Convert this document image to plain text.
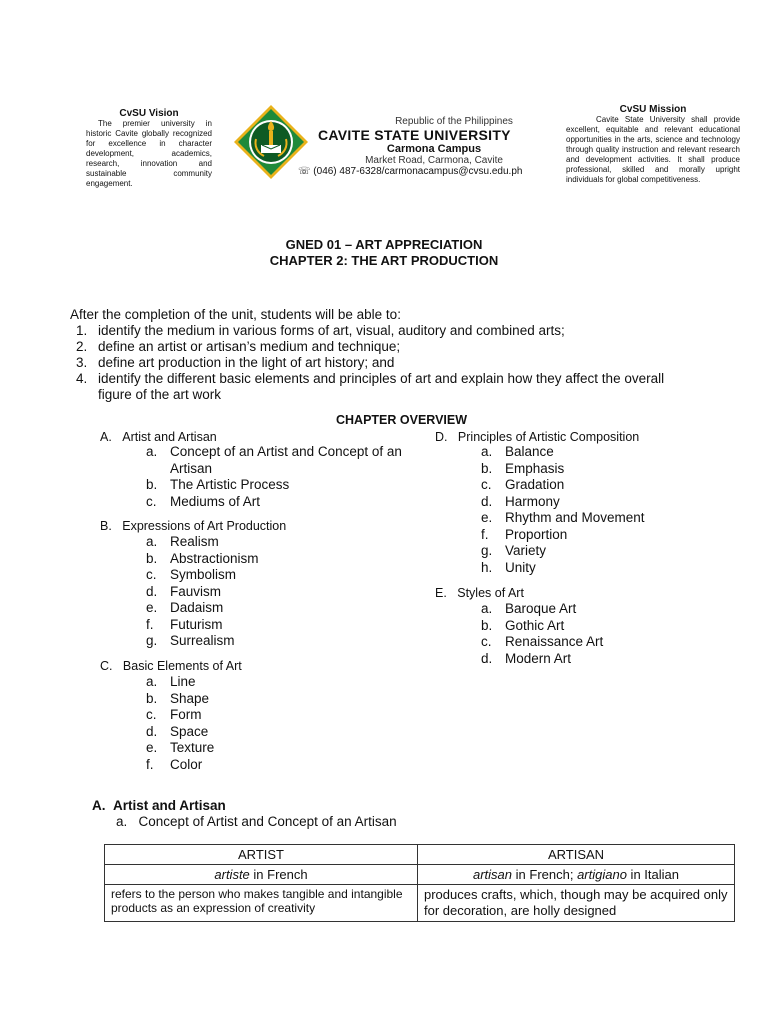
CvSU Vision
The premier university in historic Cavite globally recognized for excellence in character development, academics, research, innovation and sustainable community engagement.
Republic of the Philippines
CAVITE STATE UNIVERSITY
Carmona Campus
Market Road, Carmona, Cavite
☏ (046) 487-6328/carmonacampus@cvsu.edu.ph
CvSU Mission
Cavite State University shall provide excellent, equitable and relevant educational opportunities in the arts, science and technology through quality instruction and relevant research and development activities. It shall produce professional, skilled and morally upright individuals for global competitiveness.
GNED 01 – ART APPRECIATION
CHAPTER 2: THE ART PRODUCTION
After the completion of the unit, students will be able to:
1. identify the medium in various forms of art, visual, auditory and combined arts;
2. define an artist or artisan’s medium and technique;
3. define art production in the light of art history; and
4. identify the different basic elements and principles of art and explain how they affect the overall figure of the art work
CHAPTER OVERVIEW
A. Artist and Artisan
a. Concept of an Artist and Concept of an Artisan
b. The Artistic Process
c. Mediums of Art
B. Expressions of Art Production
a. Realism
b. Abstractionism
c. Symbolism
d. Fauvism
e. Dadaism
f. Futurism
g. Surrealism
C. Basic Elements of Art
a. Line
b. Shape
c. Form
d. Space
e. Texture
f. Color
D. Principles of Artistic Composition
a. Balance
b. Emphasis
c. Gradation
d. Harmony
e. Rhythm and Movement
f. Proportion
g. Variety
h. Unity
E. Styles of Art
a. Baroque Art
b. Gothic Art
c. Renaissance Art
d. Modern Art
A. Artist and Artisan
a. Concept of Artist and Concept of an Artisan
ARTIST	ARTISAN
artiste in French	artisan in French; artigiano in Italian
refers to the person who makes tangible and intangible products as an expression of creativity	produces crafts, which, though may be acquired only for decoration, are holly designed
